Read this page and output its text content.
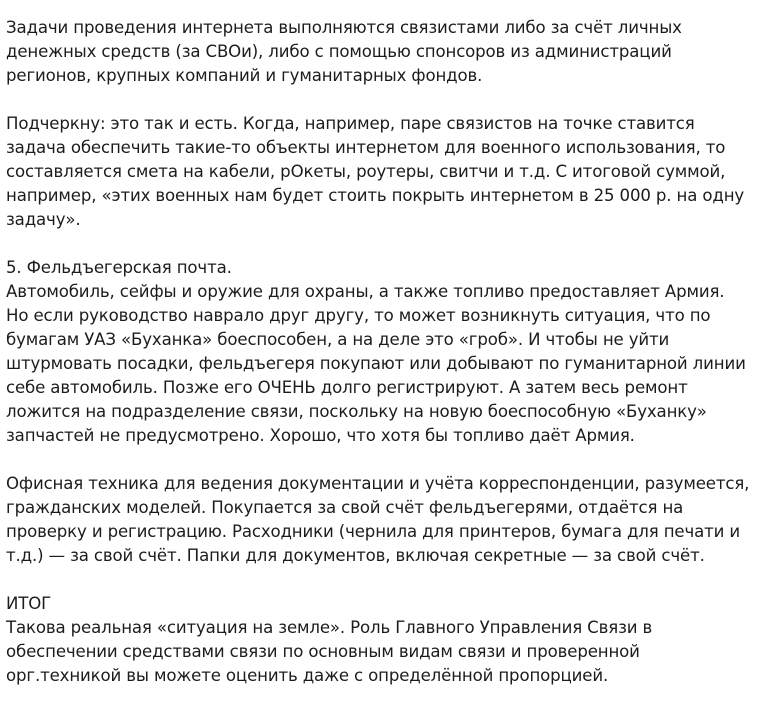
Задачи проведения интернета выполняются связистами либо за счёт личных
денежных средств (за СВОи), либо с помощью спонсоров из администраций
регионов, крупных компаний и гуманитарных фондов.

Подчеркну: это так и есть. Когда, например, паре связистов на точке ставится
задача обеспечить такие-то объекты интернетом для военного использования, то
составляется смета на кабели, рОкеты, роутеры, свитчи и т.д. С итоговой суммой,
например, «этих военных нам будет стоить покрыть интернетом в 25 000 р. на одну
задачу».

5. Фельдъегерская почта.
Автомобиль, сейфы и оружие для охраны, а также топливо предоставляет Армия.
Но если руководство наврало друг другу, то может возникнуть ситуация, что по
бумагам УАЗ «Буханка» боеспособен, а на деле это «гроб». И чтобы не уйти
штурмовать посадки, фельдъегеря покупают или добывают по гуманитарной линии
себе автомобиль. Позже его ОЧЕНЬ долго регистрируют. А затем весь ремонт
ложится на подразделение связи, поскольку на новую боеспособную «Буханку»
запчастей не предусмотрено. Хорошо, что хотя бы топливо даёт Армия.

Офисная техника для ведения документации и учёта корреспонденции, разумеется,
гражданских моделей. Покупается за свой счёт фельдъегерями, отдаётся на
проверку и регистрацию. Расходники (чернила для принтеров, бумага для печати и
т.д.) — за свой счёт. Папки для документов, включая секретные — за свой счёт.

ИТОГ
Такова реальная «ситуация на земле». Роль Главного Управления Связи в
обеспечении средствами связи по основным видам связи и проверенной
орг.техникой вы можете оценить даже с определённой пропорцией.
